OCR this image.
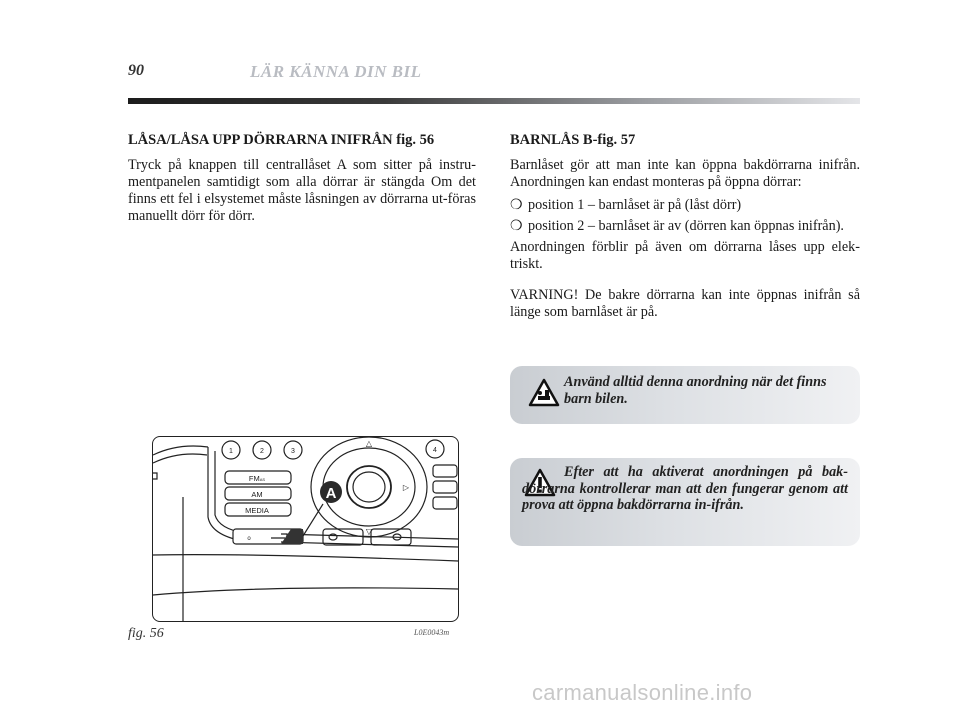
90	LÄR KÄNNA DIN BIL

LÅSA/LÅSA UPP DÖRRARNA INIFRÅN fig. 56

Tryck på knappen till centrallåset A som sitter på instru-mentpanelen samtidigt som alla dörrar är stängda Om det finns ett fel i elsystemet måste låsningen av dörrarna ut-föras manuellt dörr för dörr.

BARNLÅS B-fig. 57

Barnlåset gör att man inte kan öppna bakdörrarna inifrån. Anordningen kan endast monteras på öppna dörrar:

❍ position 1 – barnlåset är på (låst dörr)
❍ position 2 – barnlåset är av (dörren kan öppnas inifrån).

Anordningen förblir på även om dörrarna låses upp elek-triskt.

VARNING! De bakre dörrarna kan inte öppnas inifrån så länge som barnlåset är på.

Använd alltid denna anordning när det finns barn bilen.
Efter att ha aktiverat anordningen på bak-dörrarna kontrollerar man att den fungerar genom att prova att öppna bakdörrarna in-ifrån.
1	2	3	4
FMAS
AM
MEDIA
△
▽
▷
o
A
fig. 56	L0E0043m
carmanualsonline.info
